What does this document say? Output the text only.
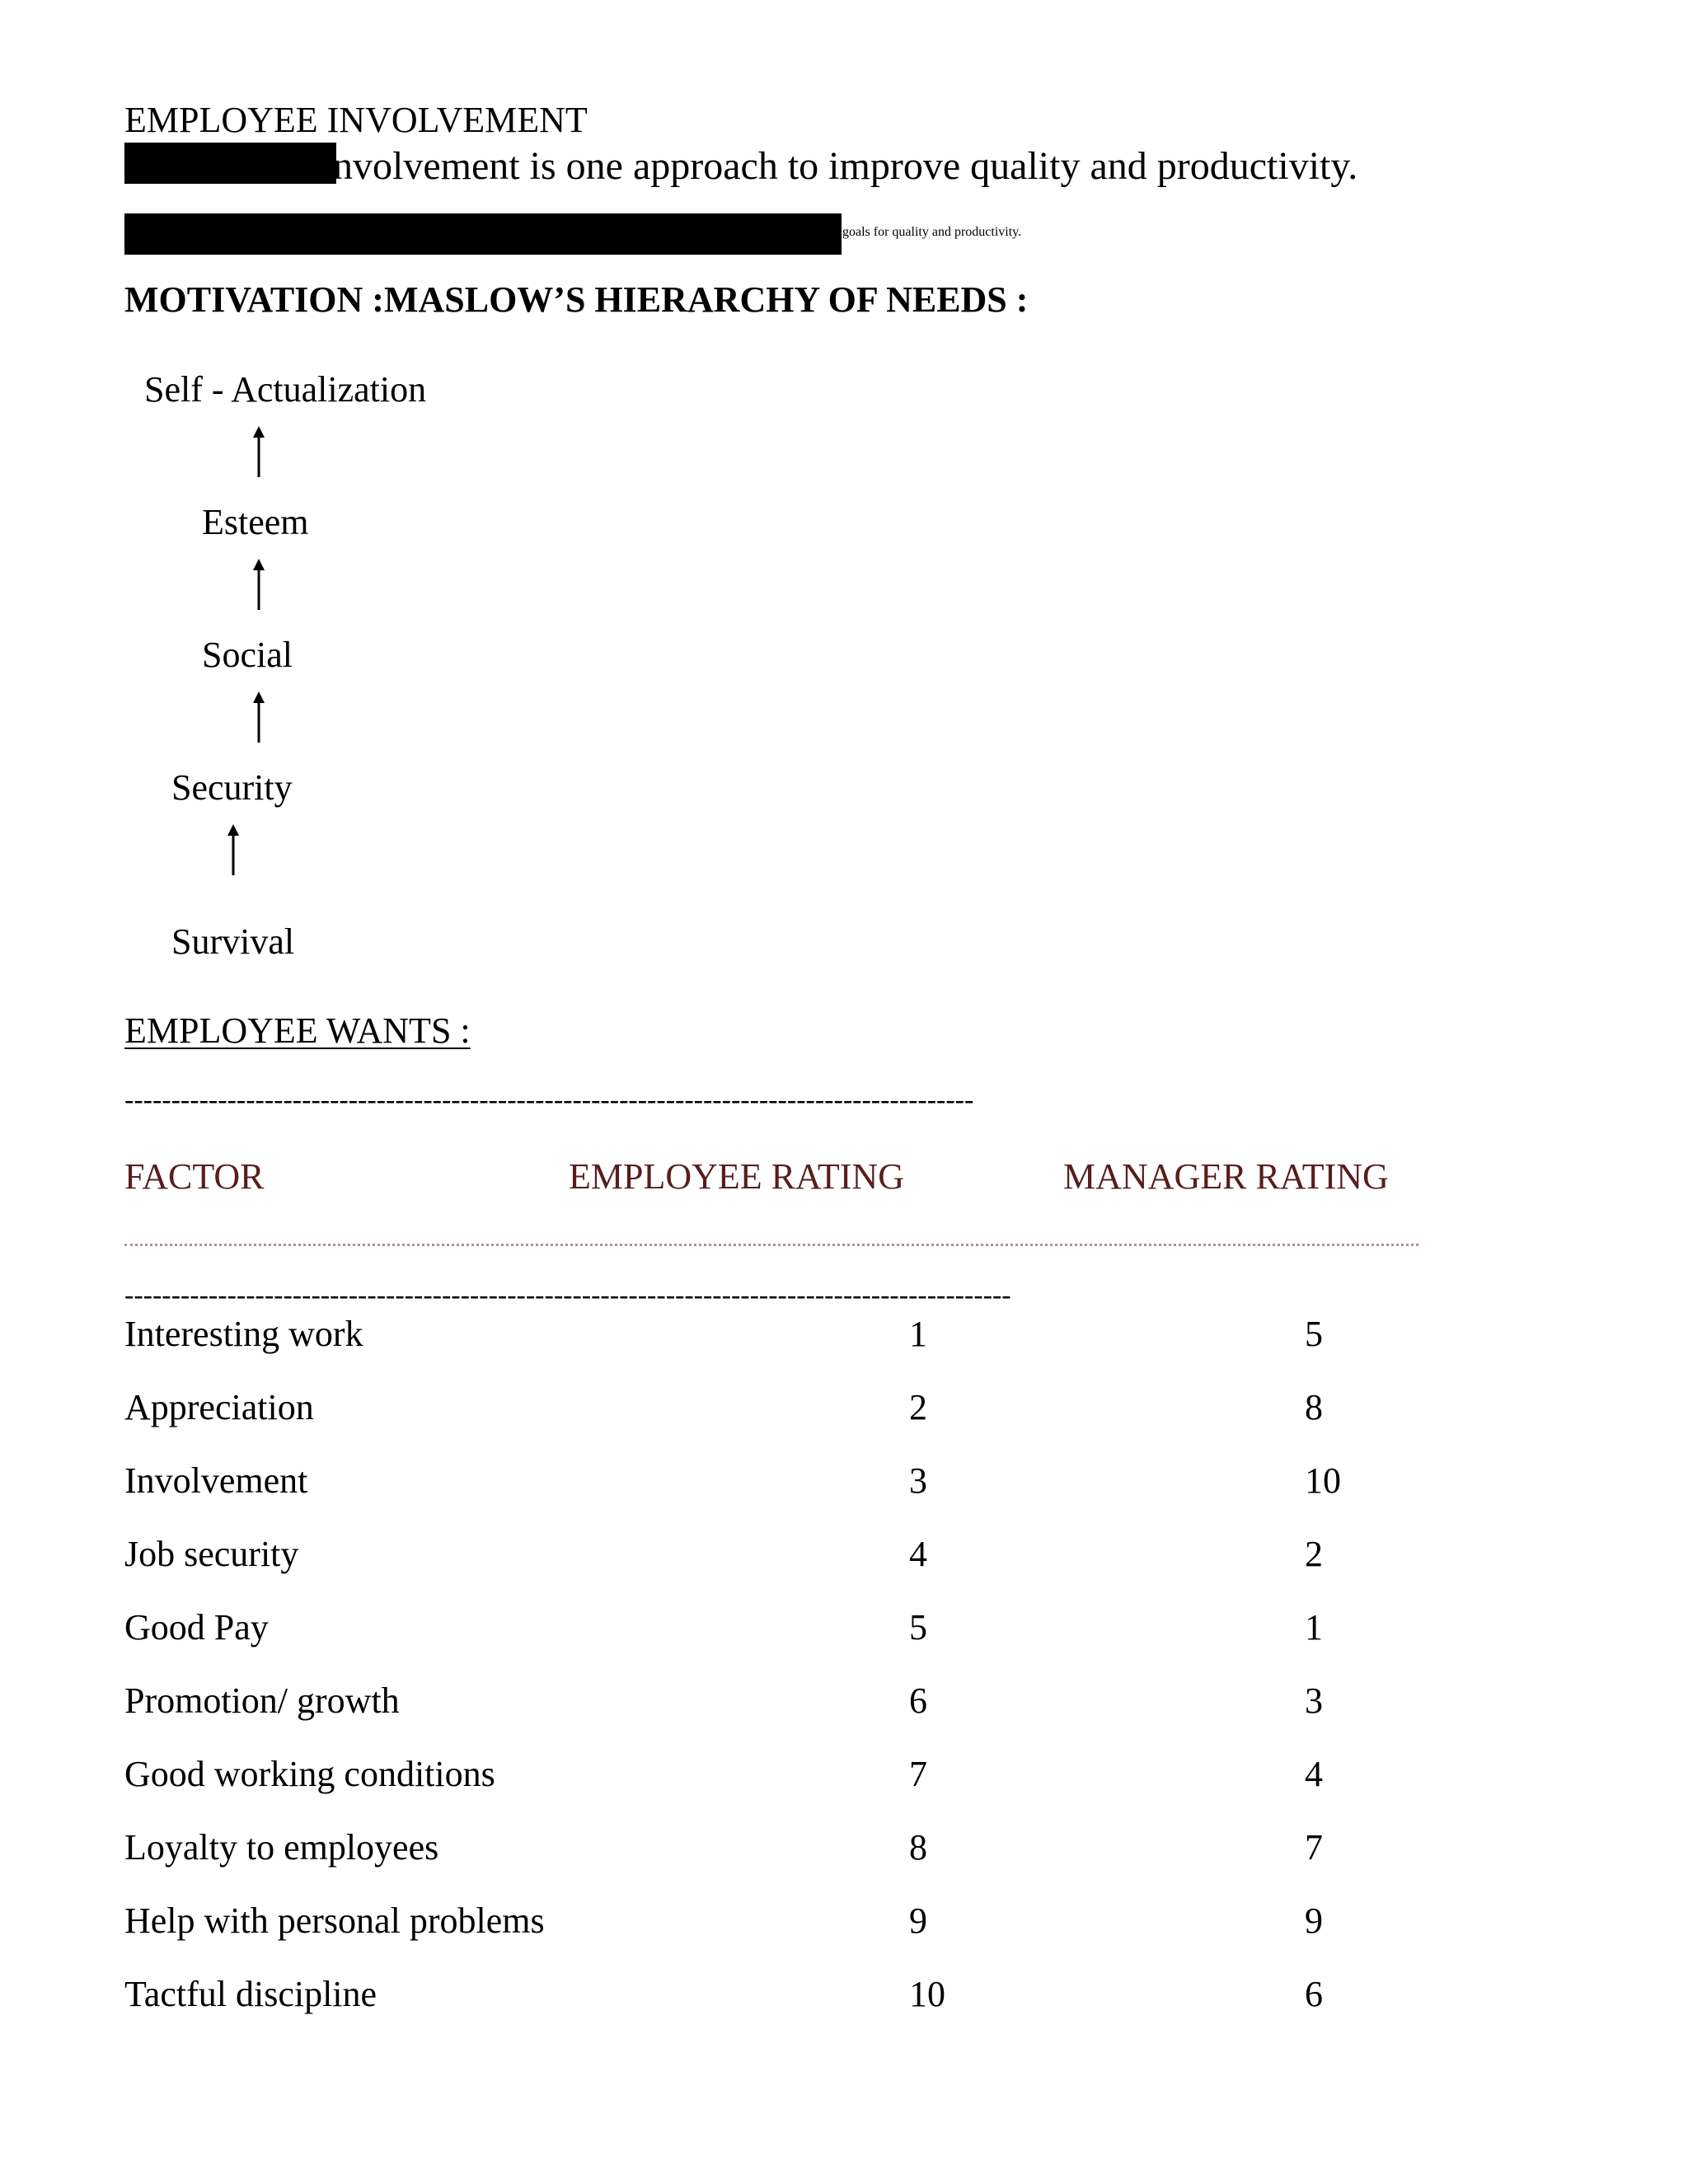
EMPLOYEE INVOLVEMENT
nvolvement is one approach to improve quality and productivity.
goals for quality and productivity.
MOTIVATION :MASLOW’S HIERARCHY OF NEEDS :
Self - Actualization
Esteem
Social
Security
Survival
EMPLOYEE WANTS :
-------------------------------------------------------------------------------------------
FACTOR	EMPLOYEE RATING	MANAGER RATING
-----------------------------------------------------------------------------------------------
Interesting work	1	5
Appreciation	2	8
Involvement	3	10
Job security	4	2
Good Pay	5	1
Promotion/ growth	6	3
Good working conditions	7	4
Loyalty to employees	8	7
Help with personal problems	9	9
Tactful discipline	10	6
